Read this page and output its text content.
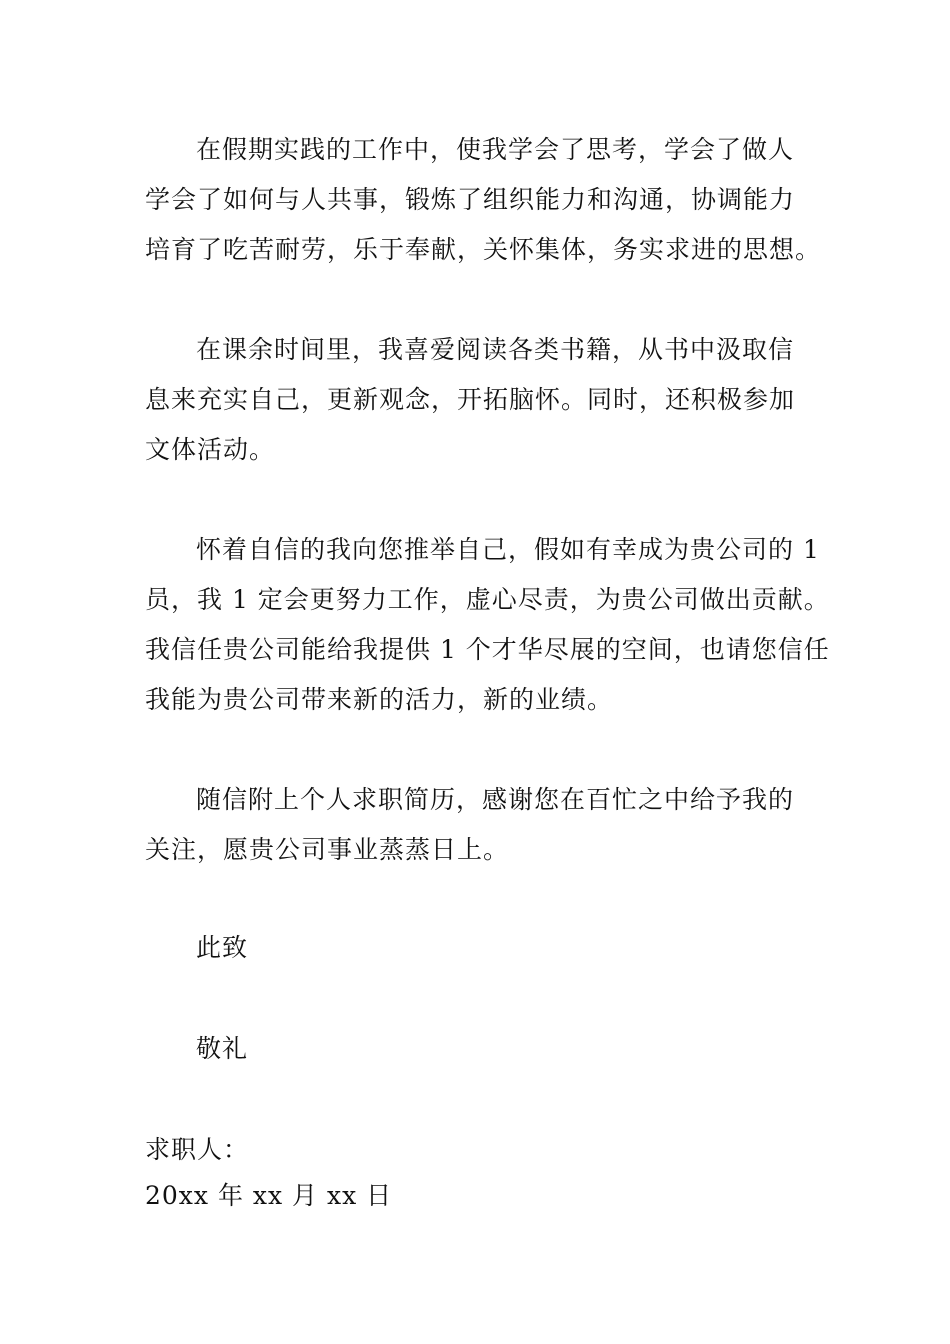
在假期实践的工作中，使我学会了思考，学会了做人
学会了如何与人共事，锻炼了组织能力和沟通，协调能力
培育了吃苦耐劳，乐于奉献，关怀集体，务实求进的思想。
在课余时间里，我喜爱阅读各类书籍，从书中汲取信
息来充实自己，更新观念，开拓脑怀。同时，还积极参加
文体活动。
怀着自信的我向您推举自己，假如有幸成为贵公司的 1
员，我 1 定会更努力工作，虚心尽责，为贵公司做出贡献。
我信任贵公司能给我提供 1 个才华尽展的空间，也请您信任
我能为贵公司带来新的活力，新的业绩。
随信附上个人求职简历，感谢您在百忙之中给予我的
关注，愿贵公司事业蒸蒸日上。
此致
敬礼
求职人：
20xx 年 xx 月 xx 日
